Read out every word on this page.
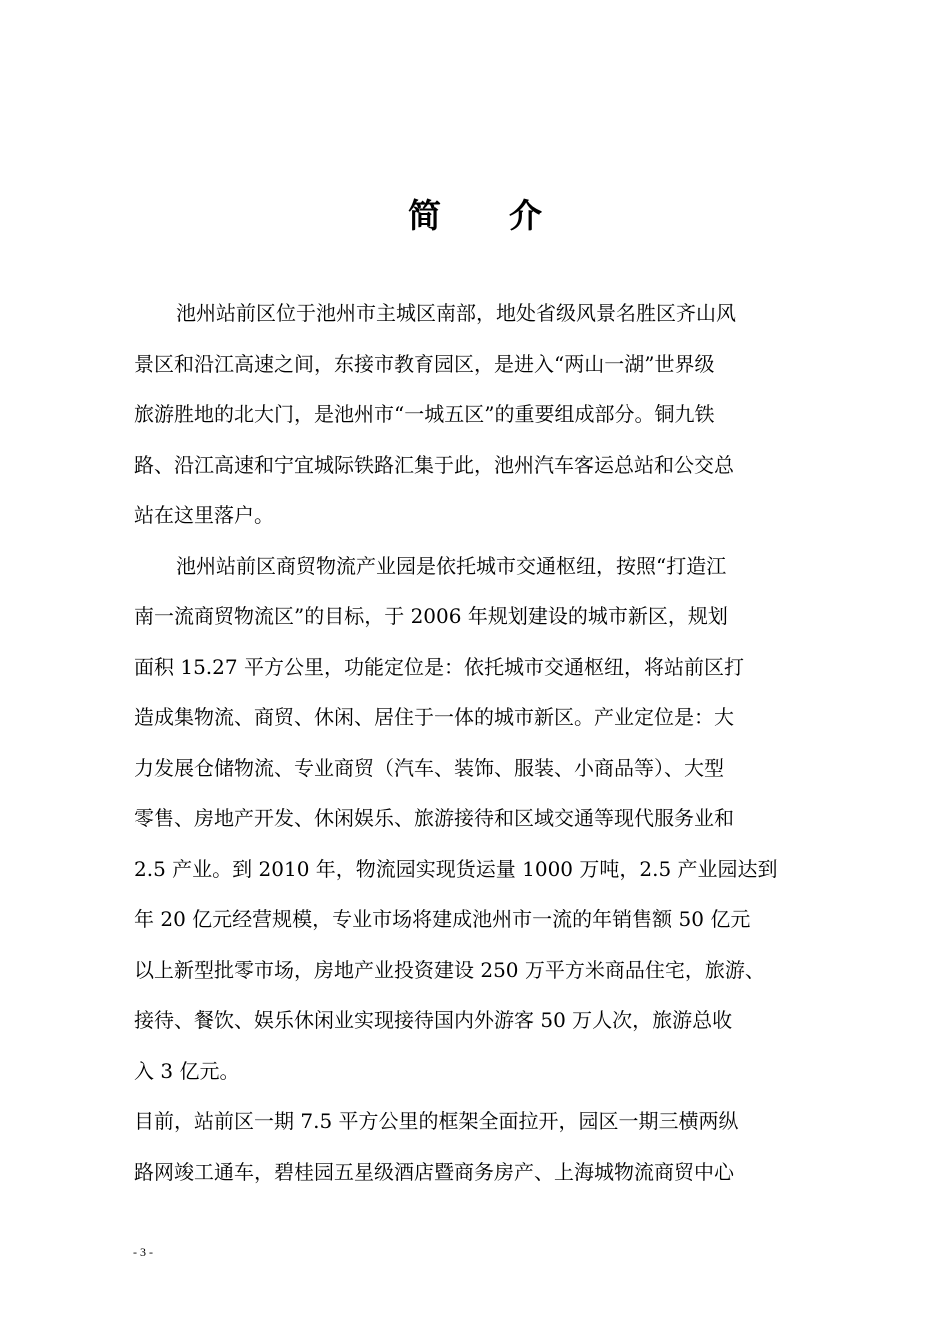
简 介

池州站前区位于池州市主城区南部，地处省级风景名胜区齐山风
景区和沿江高速之间，东接市教育园区，是进入“两山一湖”世界级
旅游胜地的北大门，是池州市“一城五区”的重要组成部分。铜九铁
路、沿江高速和宁宜城际铁路汇集于此，池州汽车客运总站和公交总
站在这里落户。

池州站前区商贸物流产业园是依托城市交通枢纽，按照“打造江
南一流商贸物流区”的目标，于 2006 年规划建设的城市新区，规划
面积 15.27 平方公里，功能定位是：依托城市交通枢纽，将站前区打
造成集物流、商贸、休闲、居住于一体的城市新区。产业定位是：大
力发展仓储物流、专业商贸（汽车、装饰、服装、小商品等）、大型
零售、房地产开发、休闲娱乐、旅游接待和区域交通等现代服务业和
2.5 产业。到 2010 年，物流园实现货运量 1000 万吨，2.5 产业园达到
年 20 亿元经营规模，专业市场将建成池州市一流的年销售额 50 亿元
以上新型批零市场，房地产业投资建设 250 万平方米商品住宅，旅游、
接待、餐饮、娱乐休闲业实现接待国内外游客 50 万人次，旅游总收
入 3 亿元。

目前，站前区一期 7.5 平方公里的框架全面拉开，园区一期三横两纵
路网竣工通车，碧桂园五星级酒店暨商务房产、上海城物流商贸中心

- 3 -
